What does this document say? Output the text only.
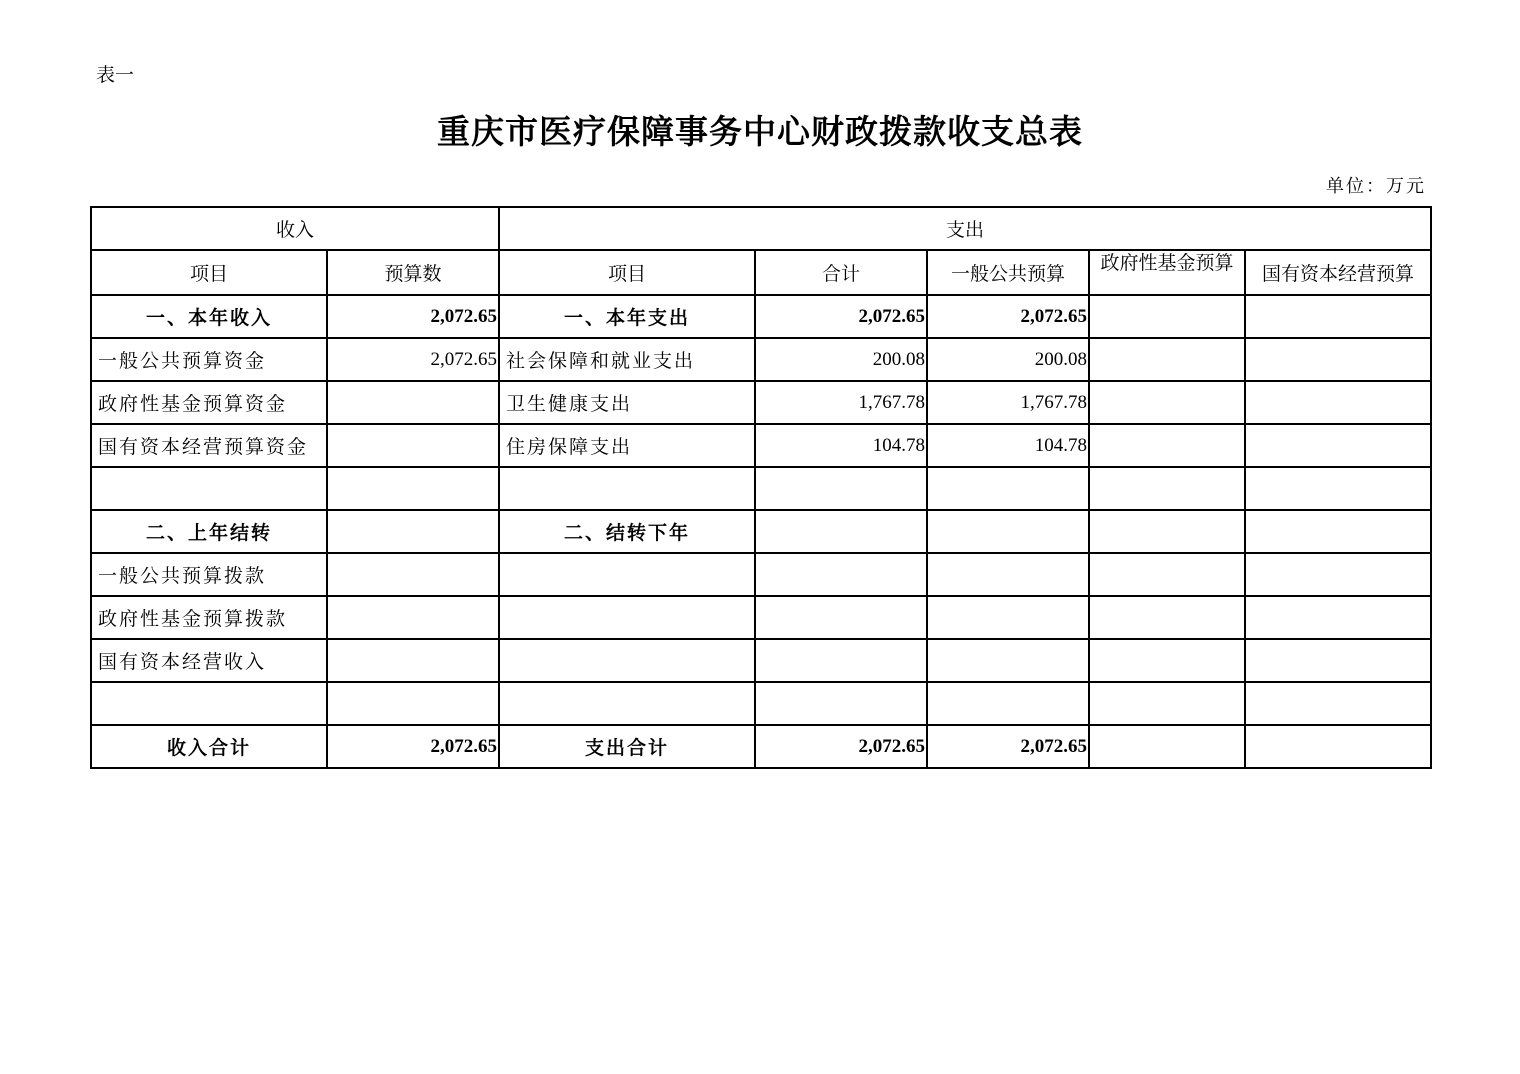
表一
重庆市医疗保障事务中心财政拨款收支总表
单位：万元
收入		支出				
项目	预算数	项目	合计	一般公共预算	政府性基金预算	国有资本经营预算
一、本年收入	2,072.65	一、本年支出	2,072.65	2,072.65		
一般公共预算资金	2,072.65	社会保障和就业支出	200.08	200.08		
政府性基金预算资金		卫生健康支出	1,767.78	1,767.78		
国有资本经营预算资金		住房保障支出	104.78	104.78		

二、上年结转		二、结转下年				
一般公共预算拨款						
政府性基金预算拨款						
国有资本经营收入						

收入合计	2,072.65	支出合计	2,072.65	2,072.65		
